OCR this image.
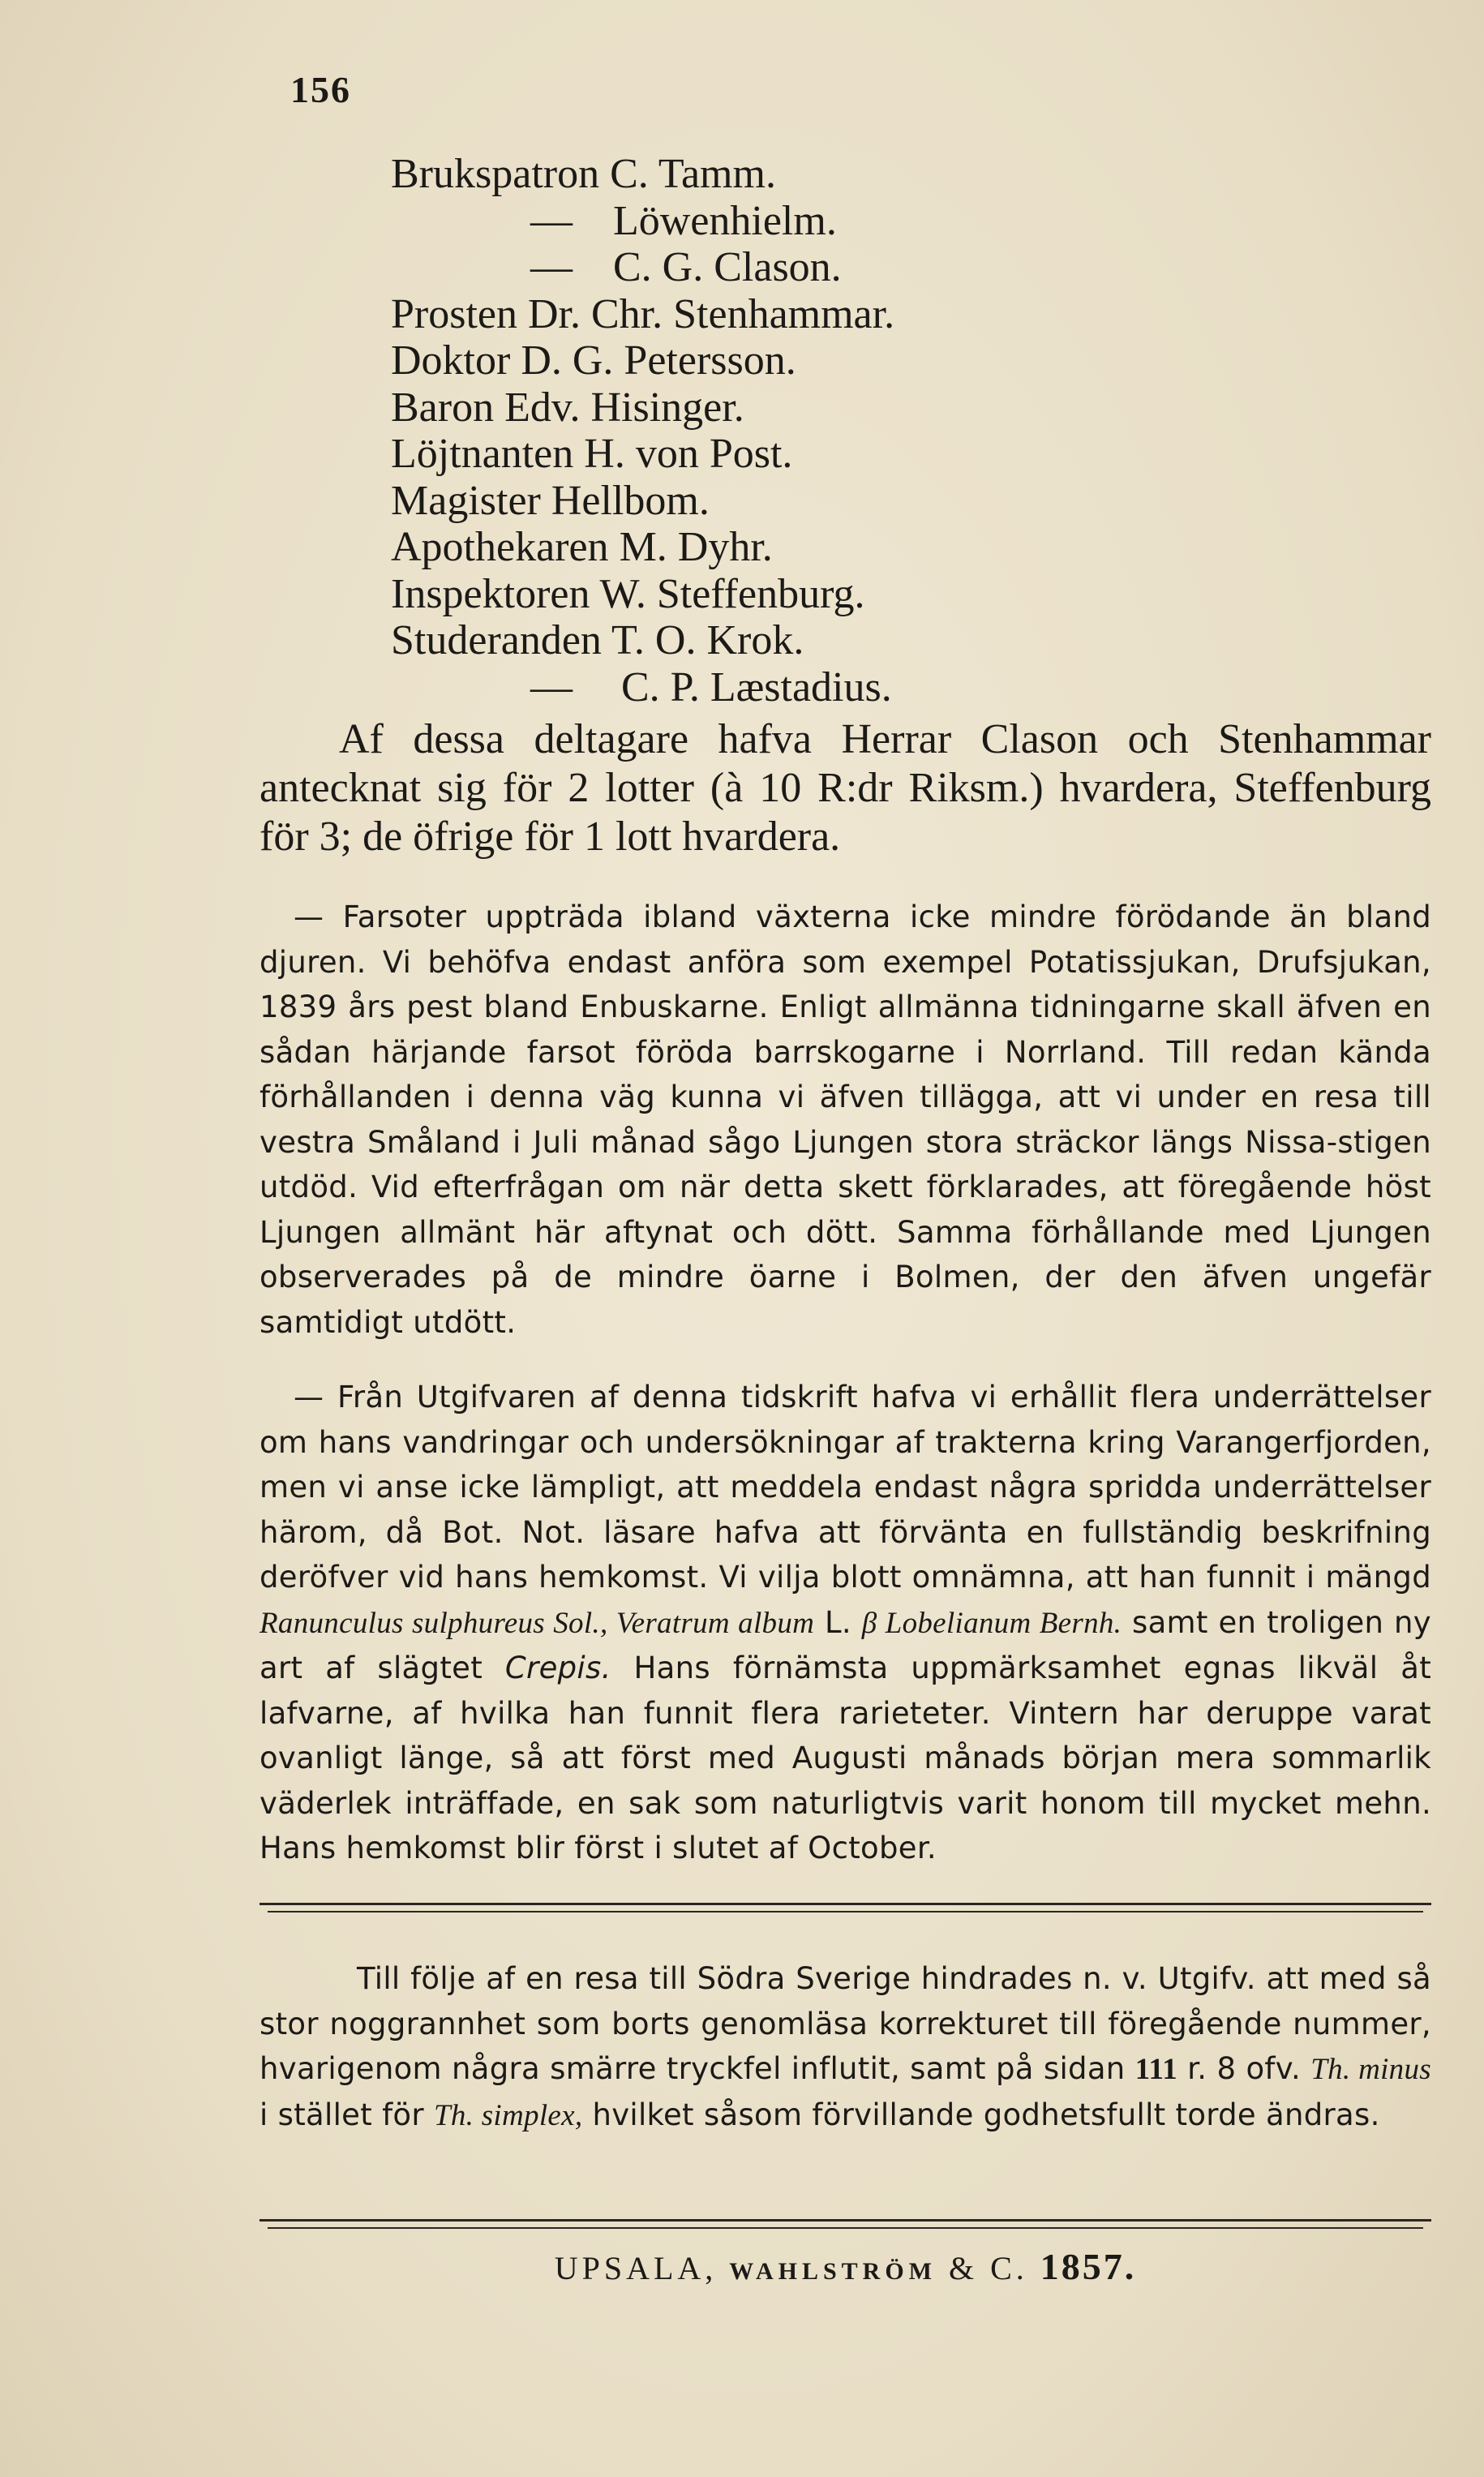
156
Brukspatron C. Tamm.
— Löwenhielm.
— C. G. Clason.
Prosten Dr. Chr. Stenhammar.
Doktor D. G. Petersson.
Baron Edv. Hisinger.
Löjtnanten H. von Post.
Magister Hellbom.
Apothekaren M. Dyhr.
Inspektoren W. Steffenburg.
Studeranden T. O. Krok.
— C. P. Læstadius.

Af dessa deltagare hafva Herrar Clason och Stenhammar antecknat sig för 2 lotter (à 10 R:dr Riksm.) hvardera, Steffenburg för 3; de öfrige för 1 lott hvardera.

— Farsoter uppträda ibland växterna icke mindre förödande än bland djuren. Vi behöfva endast anföra som exempel Potatissjukan, Drufsjukan, 1839 års pest bland Enbuskarne. Enligt allmänna tidningarne skall äfven en sådan härjande farsot föröda barrskogarne i Norrland. Till redan kända förhållanden i denna väg kunna vi äfven tillägga, att vi under en resa till vestra Småland i Juli månad sågo Ljungen stora sträckor längs Nissa-stigen utdöd. Vid efterfrågan om när detta skett förklarades, att föregående höst Ljungen allmänt här aftynat och dött. Samma förhållande med Ljungen observerades på de mindre öarne i Bolmen, der den äfven ungefär samtidigt utdött.

— Från Utgifvaren af denna tidskrift hafva vi erhållit flera underrättelser om hans vandringar och undersökningar af trakterna kring Varangerfjorden, men vi anse icke lämpligt, att meddela endast några spridda underrättelser härom, då Bot. Not. läsare hafva att förvänta en fullständig beskrifning deröfver vid hans hemkomst. Vi vilja blott omnämna, att han funnit i mängd Ranunculus sulphureus Sol., Veratrum album L. β Lobelianum Bernh. samt en troligen ny art af slägtet Crepis. Hans förnämsta uppmärksamhet egnas likväl åt lafvarne, af hvilka han funnit flera rarieteter. Vintern har deruppe varat ovanligt länge, så att först med Augusti månads början mera sommarlik väderlek inträffade, en sak som naturligtvis varit honom till mycket mehn. Hans hemkomst blir först i slutet af October.

Till följe af en resa till Södra Sverige hindrades n. v. Utgifv. att med så stor noggrannhet som borts genomläsa korrekturet till föregående nummer, hvarigenom några smärre tryckfel influtit, samt på sidan 111 r. 8 ofv. Th. minus i stället för Th. simplex, hvilket såsom förvillande godhetsfullt torde ändras.

UPSALA, WAHLSTRÖM & C. 1857.
